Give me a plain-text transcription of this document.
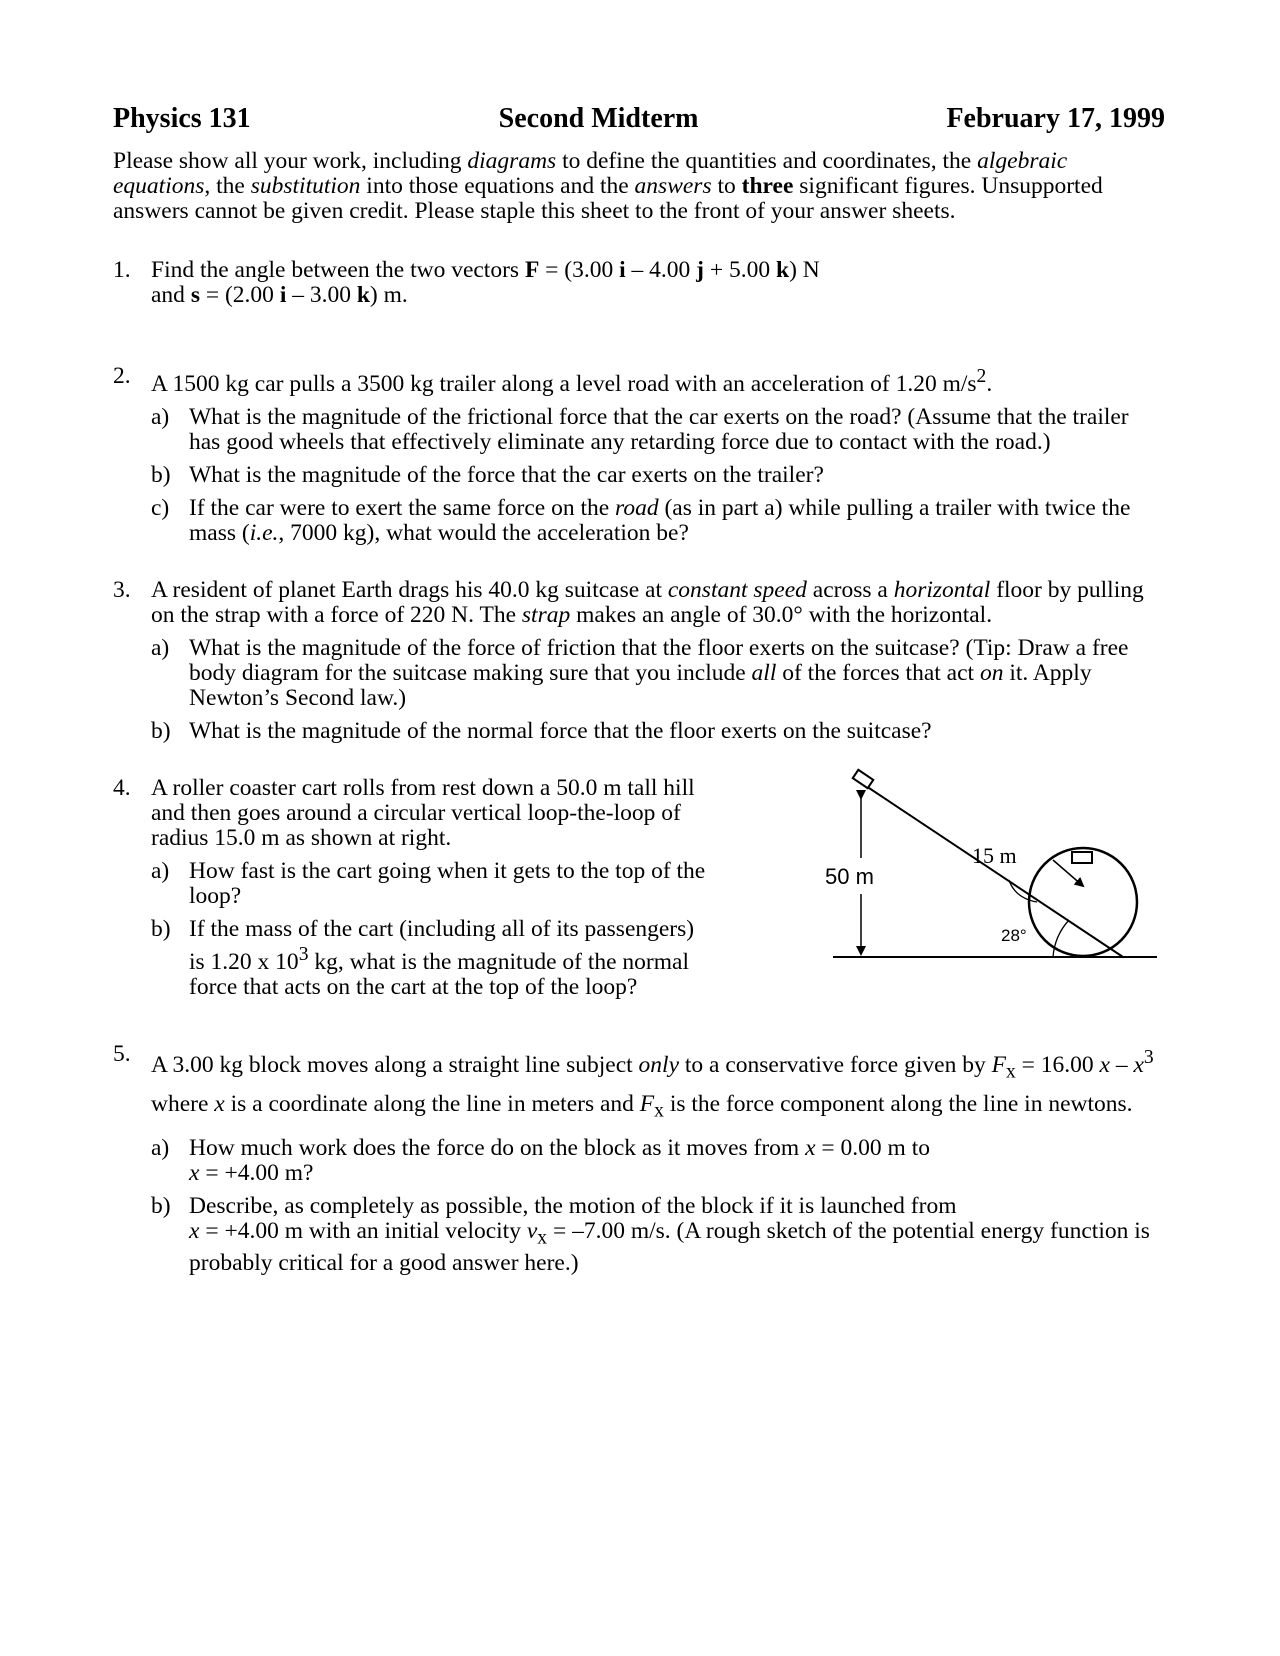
Physics 131	Second Midterm	February 17, 1999

Please show all your work, including diagrams to define the quantities and coordinates, the algebraic equations, the substitution into those equations and the answers to three significant figures. Unsupported answers cannot be given credit. Please staple this sheet to the front of your answer sheets.

1. Find the angle between the two vectors F = (3.00 i – 4.00 j + 5.00 k) N
and s = (2.00 i – 3.00 k) m.
2. A 1500 kg car pulls a 3500 kg trailer along a level road with an acceleration of 1.20 $m/s^2$.
a) What is the magnitude of the frictional force that the car exerts on the road? (Assume that the trailer has good wheels that effectively eliminate any retarding force due to contact with the road.)
b) What is the magnitude of the force that the car exerts on the trailer?
c) If the car were to exert the same force on the road (as in part a) while pulling a trailer with twice the mass (i.e., 7000 kg), what would the acceleration be?
3. A resident of planet Earth drags his 40.0 kg suitcase at constant speed across a horizontal floor by pulling on the strap with a force of 220 N. The strap makes an angle of 30.0° with the horizontal.
a) What is the magnitude of the force of friction that the floor exerts on the suitcase? (Tip: Draw a free body diagram for the suitcase making sure that you include all of the forces that act on it. Apply Newton’s Second law.)
b) What is the magnitude of the normal force that the floor exerts on the suitcase?
4. A roller coaster cart rolls from rest down a 50.0 m tall hill and then goes around a circular vertical loop-the-loop of radius 15.0 m as shown at right.
a) How fast is the cart going when it gets to the top of the loop?
b) If the mass of the cart (including all of its passengers) is 1.20 x $10^3$ kg, what is the magnitude of the normal force that acts on the cart at the top of the loop?
50 m
28°
15 m
5. A 3.00 kg block moves along a straight line subject only to a conservative force given by $F_x = 16.00$ x – $x^3$ where x is a coordinate along the line in meters and $F_x$ is the force component along the line in newtons.
a) How much work does the force do on the block as it moves from x = 0.00 m to
x = +4.00 m?
b) Describe, as completely as possible, the motion of the block if it is launched from
x = +4.00 m with an initial velocity $v_x = -7.00$ m/s. (A rough sketch of the potential energy function is probably critical for a good answer here.)
